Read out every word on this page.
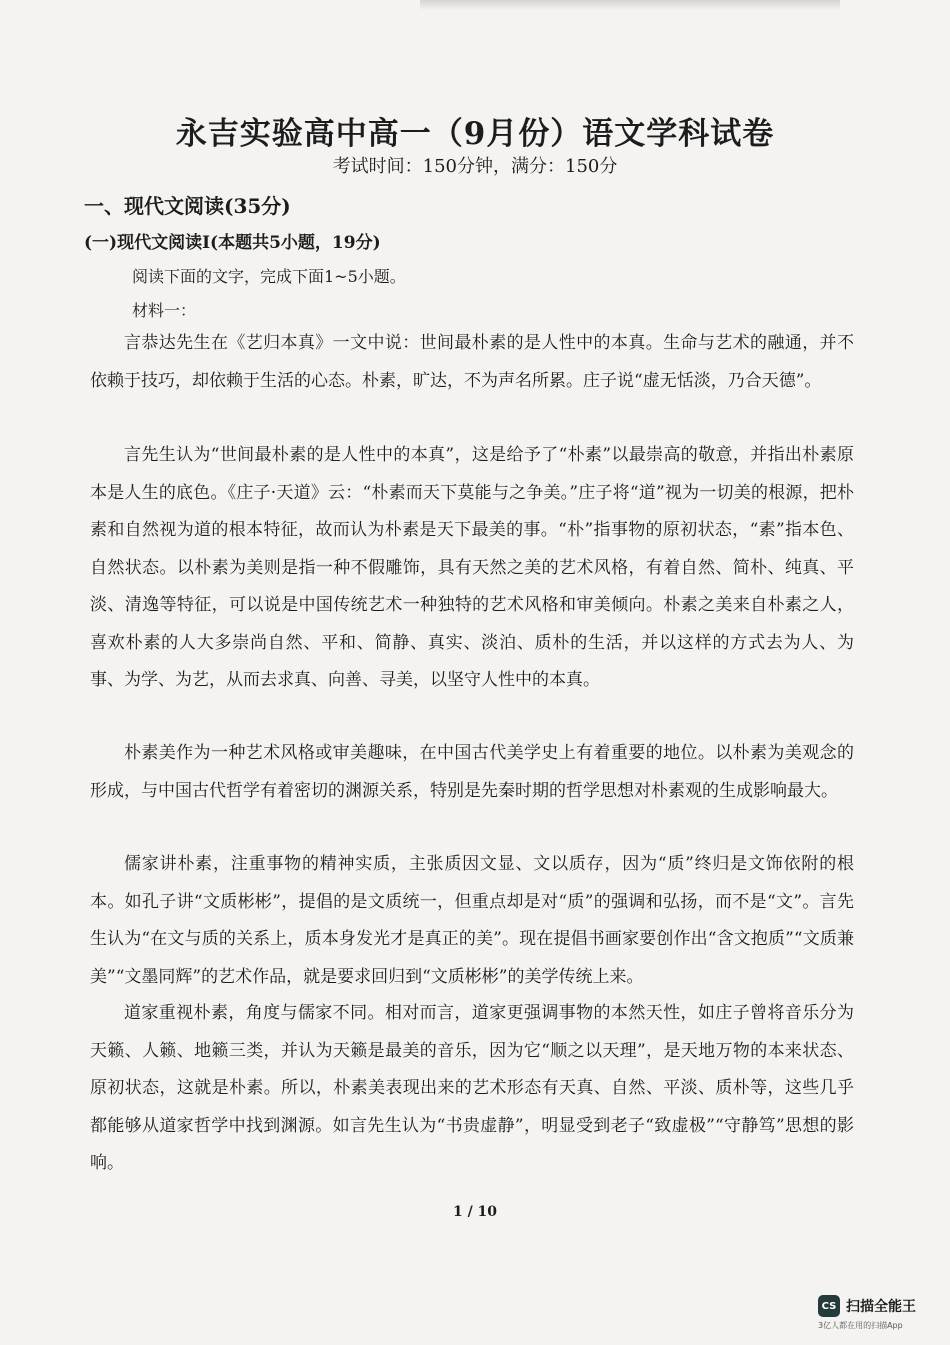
永吉实验高中高一（9月份）语文学科试卷
考试时间：150分钟，满分：150分
一、现代文阅读(35分)
(一)现代文阅读Ⅰ(本题共5小题，19分)
阅读下面的文字，完成下面1~5小题。
材料一：

言恭达先生在《艺归本真》一文中说：世间最朴素的是人性中的本真。生命与艺术的融通，并不依赖于技巧，却依赖于生活的心态。朴素，旷达，不为声名所累。庄子说“虚无恬淡，乃合天德”。

言先生认为“世间最朴素的是人性中的本真”，这是给予了“朴素”以最崇高的敬意，并指出朴素原本是人生的底色。《庄子·天道》云：“朴素而天下莫能与之争美。”庄子将“道”视为一切美的根源，把朴素和自然视为道的根本特征，故而认为朴素是天下最美的事。“朴”指事物的原初状态，“素”指本色、自然状态。以朴素为美则是指一种不假雕饰，具有天然之美的艺术风格，有着自然、简朴、纯真、平淡、清逸等特征，可以说是中国传统艺术一种独特的艺术风格和审美倾向。朴素之美来自朴素之人，喜欢朴素的人大多崇尚自然、平和、简静、真实、淡泊、质朴的生活，并以这样的方式去为人、为事、为学、为艺，从而去求真、向善、寻美，以坚守人性中的本真。

朴素美作为一种艺术风格或审美趣味，在中国古代美学史上有着重要的地位。以朴素为美观念的形成，与中国古代哲学有着密切的渊源关系，特别是先秦时期的哲学思想对朴素观的生成影响最大。

儒家讲朴素，注重事物的精神实质，主张质因文显、文以质存，因为“质”终归是文饰依附的根本。如孔子讲“文质彬彬”，提倡的是文质统一，但重点却是对“质”的强调和弘扬，而不是“文”。言先生认为“在文与质的关系上，质本身发光才是真正的美”。现在提倡书画家要创作出“含文抱质”“文质兼美”“文墨同辉”的艺术作品，就是要求回归到“文质彬彬”的美学传统上来。

道家重视朴素，角度与儒家不同。相对而言，道家更强调事物的本然天性，如庄子曾将音乐分为天籁、人籁、地籁三类，并认为天籁是最美的音乐，因为它“顺之以天理”，是天地万物的本来状态、原初状态，这就是朴素。所以，朴素美表现出来的艺术形态有天真、自然、平淡、质朴等，这些几乎都能够从道家哲学中找到渊源。如言先生认为“书贵虚静”，明显受到老子“致虚极”“守静笃”思想的影响。

1 / 10
CS 扫描全能王
3亿人都在用的扫描App
